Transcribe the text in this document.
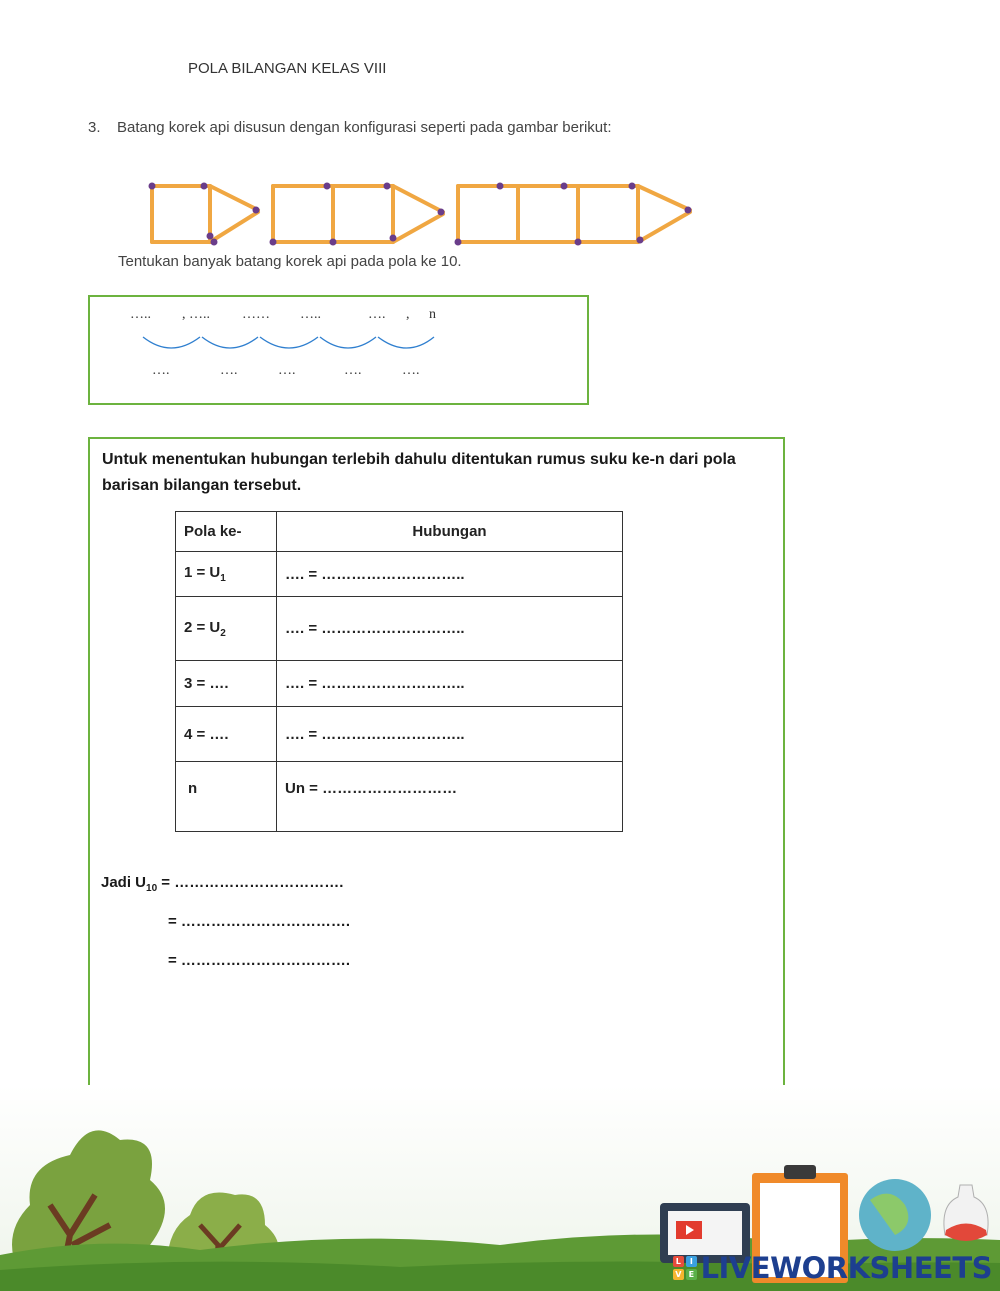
POLA BILANGAN KELAS VIII
3. Batang korek api disusun dengan konfigurasi seperti pada gambar berikut:
Tentukan banyak batang korek api pada pola ke 10.
….. , ….. …… …..	…. , n
….	….	….	….	….
Untuk menentukan hubungan terlebih dahulu ditentukan rumus suku ke-n dari pola barisan bilangan tersebut.
Pola ke-	Hubungan
$1 = U_1$	…. = ………………………..
$2 = U_2$	…. = ………………………..
3 = ….	…. = ………………………..
4 = ….	…. = ………………………..
n	Un = ………………………
Jadi $U_{10}$ = …………………………….
= …………………………….
= …………………………….
L	I
V E LIVEWORKSHEETS
